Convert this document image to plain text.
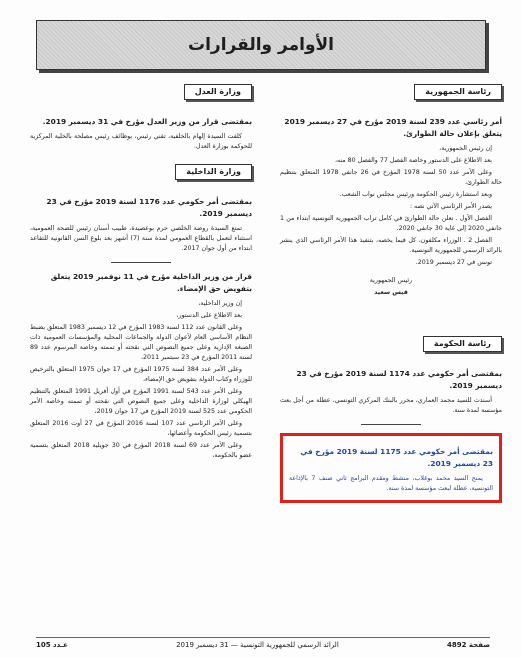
الأوامر والقرارات
رئاسة الجمهورية
أمر رئاسي عدد 239 لسنة 2019 مؤرخ في 27 ديسمبر 2019 يتعلق بإعلان حالة الطوارئ.
إن رئيس الجمهورية،
بعد الاطلاع على الدستور وخاصة الفصل 77 والفصل 80 منه،
وعلى الأمر عدد 50 لسنة 1978 المؤرخ في 26 جانفي 1978 المتعلق بتنظيم حالة الطوارئ،
وبعد استشارة رئيس الحكومة ورئيس مجلس نواب الشعب.
يصدر الأمر الرئاسي الآتي نصه :
الفصل الأول . تعلن حالة الطوارئ في كامل تراب الجمهورية التونسية ابتداء من 1 جانفي 2020 إلى غاية 30 جانفي 2020.
الفصل 2 . الوزراء مكلفون، كل فيما يخصه، بتنفيذ هذا الأمر الرئاسي الذي ينشر بالرائد الرسمي للجمهورية التونسية.
تونس في 27 ديسمبر 2019.
رئيس الجمهورية
قيس سعيد
رئاسة الحكومة
بمقتضى أمر حكومي عدد 1174 لسنة 2019 مؤرخ في 23 ديسمبر 2019.
أسندت للسيد محمد العماري، محرر بالبنك المركزي التونسي، عطلة من أجل بعث مؤسسة لمدة سنة.
بمقتضى أمر حكومي عدد 1175 لسنة 2019 مؤرخ في 23 ديسمبر 2019.
يمنح السيد محمد بوغلاب، منشط ومقدم البرامج ثاني صنف 7 بالإذاعة التونسية، عطلة لبعث مؤسسة لمدة سنة.
وزارة العدل
بمقتضى قرار من وزير العدل مؤرخ في 31 ديسمبر 2019.
كلفت السيدة إلهام بالخلفية، تقني رئيس، بوظائف رئيس مصلحة بالخلية المركزية للحوكمة بوزارة العدل.
وزارة الداخلية
بمقتضى أمر حكومي عدد 1176 لسنة 2019 مؤرخ في 23 ديسمبر 2019.
تمتع السيدة روضة الخلصي حرم بوعصيدة، طبيب أسنان رئيس للصحة العمومية، استثناء لتعمل بالقطاع العمومي لمدة سنة (7) أشهر بعد بلوغ السن القانونية للتقاعد ابتداء من أول جوان 2017.
قرار من وزير الداخلية مؤرخ في 11 نوفمبر 2019 يتعلق بتفويض حق الإمضاء.
إن وزير الداخلية،
بعد الاطلاع على الدستور،
وعلى القانون عدد 112 لسنة 1983 المؤرخ في 12 ديسمبر 1983 المتعلق بضبط النظام الأساسي العام لأعوان الدولة والجماعات المحلية والمؤسسات العمومية ذات الصبغة الإدارية وعلى جميع النصوص التي نقحته أو تممته وخاصة المرسوم عدد 89 لسنة 2011 المؤرخ في 23 سبتمبر 2011،
وعلى الأمر عدد 384 لسنة 1975 المؤرخ في 17 جوان 1975 المتعلق بالترخيص للوزراء وكتاب الدولة بتفويض حق الإمضاء،
وعلى الأمر عدد 543 لسنة 1991 المؤرخ في أول أفريل 1991 المتعلق بالتنظيم الهيكلي لوزارة الداخلية وعلى جميع النصوص التي نقحته أو تممته وخاصة الأمر الحكومي عدد 525 لسنة 2019 المؤرخ في 17 جوان 2019،
وعلى الأمر الرئاسي عدد 107 لسنة 2016 المؤرخ في 27 أوت 2016 المتعلق بتسمية رئيس الحكومة وأعضائها،
وعلى الأمر عدد 69 لسنة 2018 المؤرخ في 30 جويلية 2018 المتعلق بتسمية عضو بالحكومة،
صفحة 4892
الرائد الرسمي للجمهورية التونسية — 31 ديسمبر 2019
عـدد 105
